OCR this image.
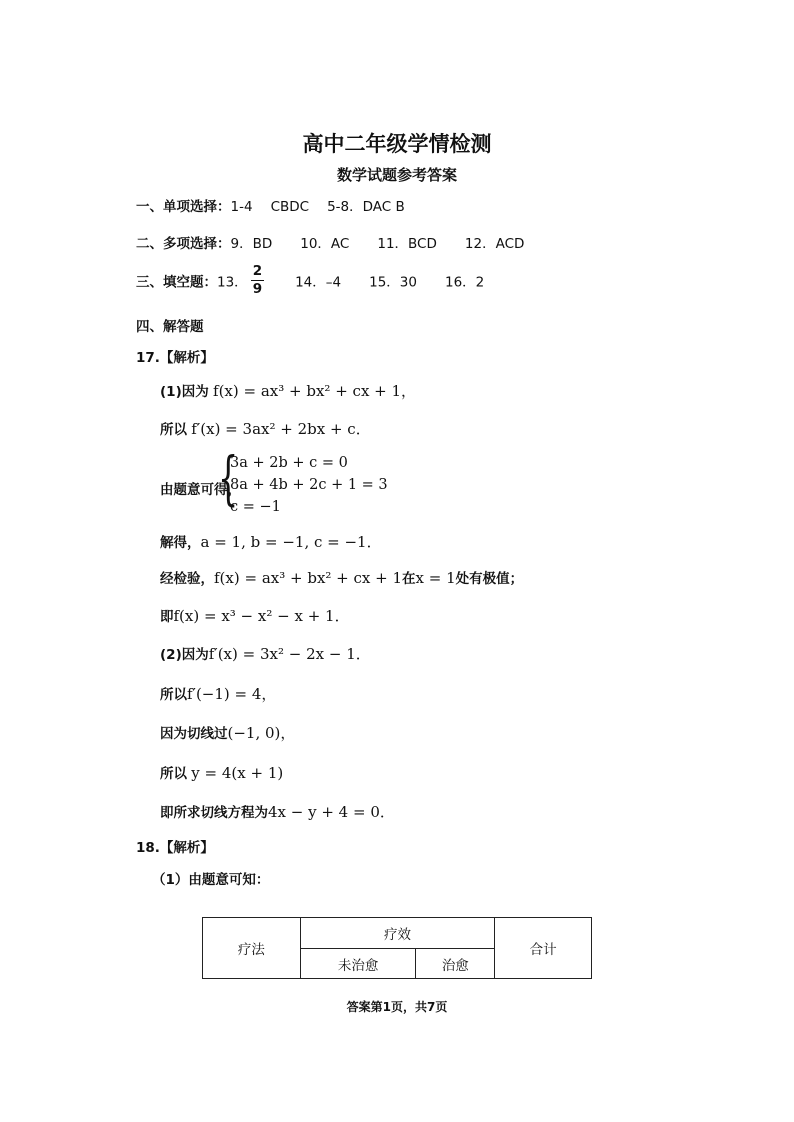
高中二年级学情检测
数学试题参考答案
一、单项选择：1-4 CBDC 5-8．DAC B
二、多项选择：9．BD 10．AC 11．BCD 12．ACD
三、填空题：13． $\frac{2}{9} 14$．–4 15．30 16．2
四、解答题
17.【解析】
(1)因为 f(x) = ax³ + bx² + cx + 1，
所以 f′(x) = 3ax² + 2bx + c．
由题意可得，
{
3a + 2b + c = 0
8a + 4b + 2c + 1 = 3
c = −1
解得，a = 1, b = −1, c = −1．
经检验，f(x) = ax³ + bx² + cx + 1在x = 1处有极值；
即f(x) = x³ − x² − x + 1．
(2)因为f′(x) = 3x² − 2x − 1．
所以f′(−1) = 4，
因为切线过(−1, 0)，
所以 y = 4(x + 1)
即所求切线方程为4x − y + 4 = 0．
18.【解析】
（1）由题意可知：
疗法	疗效		合计
	未治愈	治愈	
答案第1页，共7页
